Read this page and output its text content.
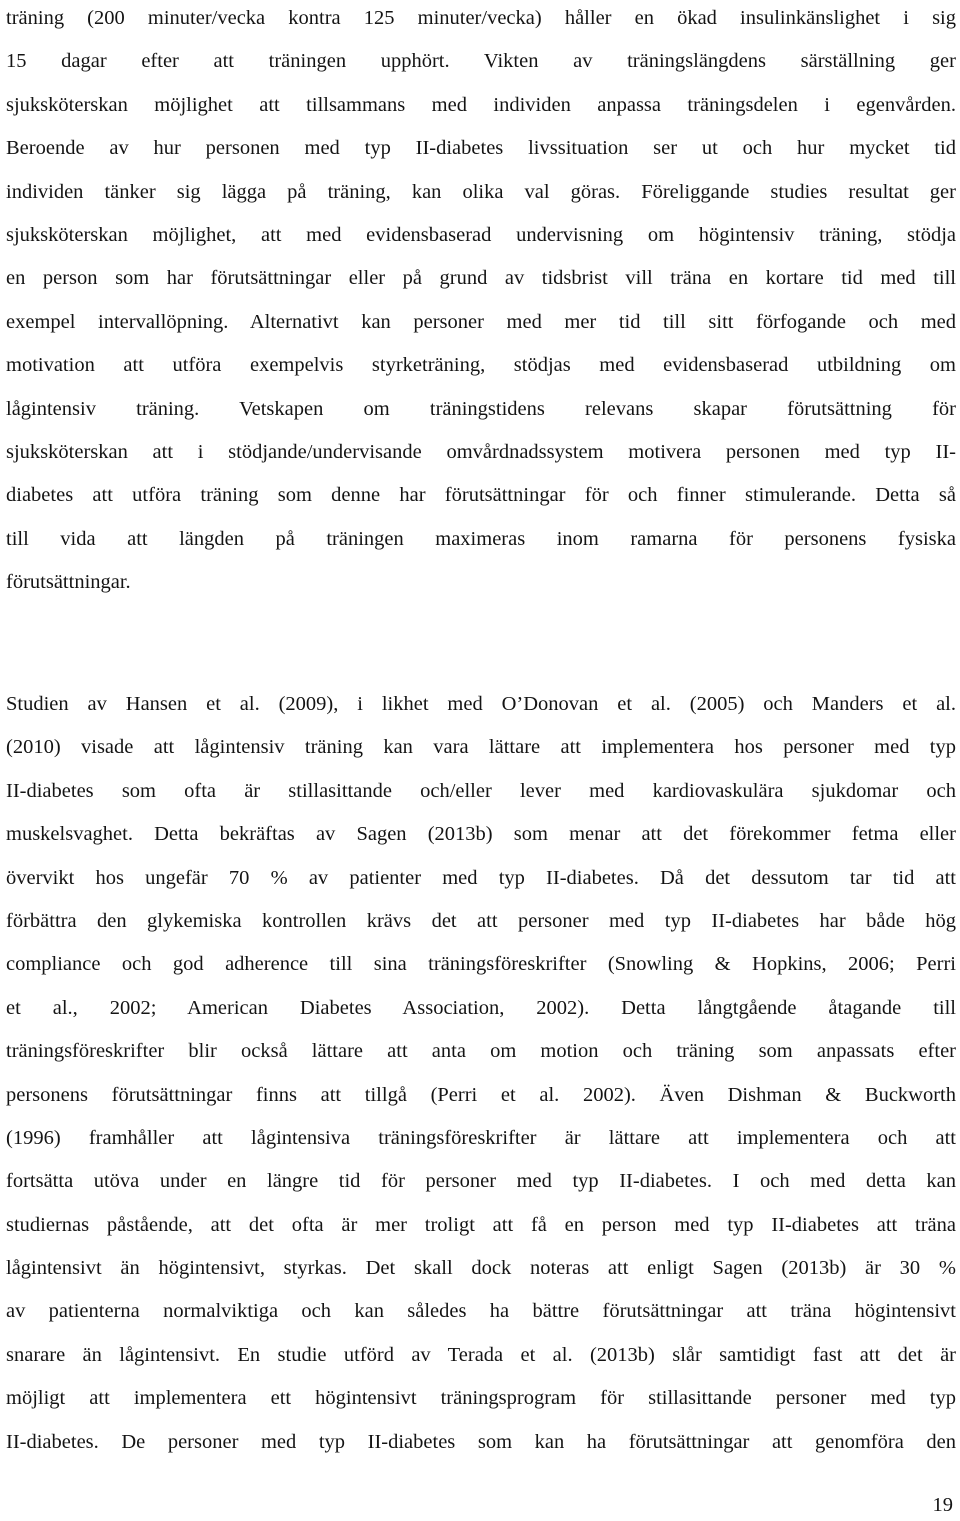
träning (200 minuter/vecka kontra 125 minuter/vecka) håller en ökad insulinkänslighet i sig
15 dagar efter att träningen upphört. Vikten av träningslängdens särställning ger
sjuksköterskan möjlighet att tillsammans med individen anpassa träningsdelen i egenvården.
Beroende av hur personen med typ II-diabetes livssituation ser ut och hur mycket tid
individen tänker sig lägga på träning, kan olika val göras. Föreliggande studies resultat ger
sjuksköterskan möjlighet, att med evidensbaserad undervisning om högintensiv träning, stödja
en person som har förutsättningar eller på grund av tidsbrist vill träna en kortare tid med till
exempel intervallöpning. Alternativt kan personer med mer tid till sitt förfogande och med
motivation att utföra exempelvis styrketräning, stödjas med evidensbaserad utbildning om
lågintensiv träning. Vetskapen om träningstidens relevans skapar förutsättning för
sjuksköterskan att i stödjande/undervisande omvårdnadssystem motivera personen med typ II-
diabetes att utföra träning som denne har förutsättningar för och finner stimulerande. Detta så
till vida att längden på träningen maximeras inom ramarna för personens fysiska
förutsättningar.
Studien av Hansen et al. (2009), i likhet med O’Donovan et al. (2005) och Manders et al.
(2010) visade att lågintensiv träning kan vara lättare att implementera hos personer med typ
II-diabetes som ofta är stillasittande och/eller lever med kardiovaskulära sjukdomar och
muskelsvaghet. Detta bekräftas av Sagen (2013b) som menar att det förekommer fetma eller
övervikt hos ungefär 70 % av patienter med typ II-diabetes. Då det dessutom tar tid att
förbättra den glykemiska kontrollen krävs det att personer med typ II-diabetes har både hög
compliance och god adherence till sina träningsföreskrifter (Snowling & Hopkins, 2006; Perri
et al., 2002; American Diabetes Association, 2002). Detta långtgående åtagande till
träningsföreskrifter blir också lättare att anta om motion och träning som anpassats efter
personens förutsättningar finns att tillgå (Perri et al. 2002). Även Dishman & Buckworth
(1996) framhåller att lågintensiva träningsföreskrifter är lättare att implementera och att
fortsätta utöva under en längre tid för personer med typ II-diabetes. I och med detta kan
studiernas påstående, att det ofta är mer troligt att få en person med typ II-diabetes att träna
lågintensivt än högintensivt, styrkas. Det skall dock noteras att enligt Sagen (2013b) är 30 %
av patienterna normalviktiga och kan således ha bättre förutsättningar att träna högintensivt
snarare än lågintensivt. En studie utförd av Terada et al. (2013b) slår samtidigt fast att det är
möjligt att implementera ett högintensivt träningsprogram för stillasittande personer med typ
II-diabetes. De personer med typ II-diabetes som kan ha förutsättningar att genomföra den
19
